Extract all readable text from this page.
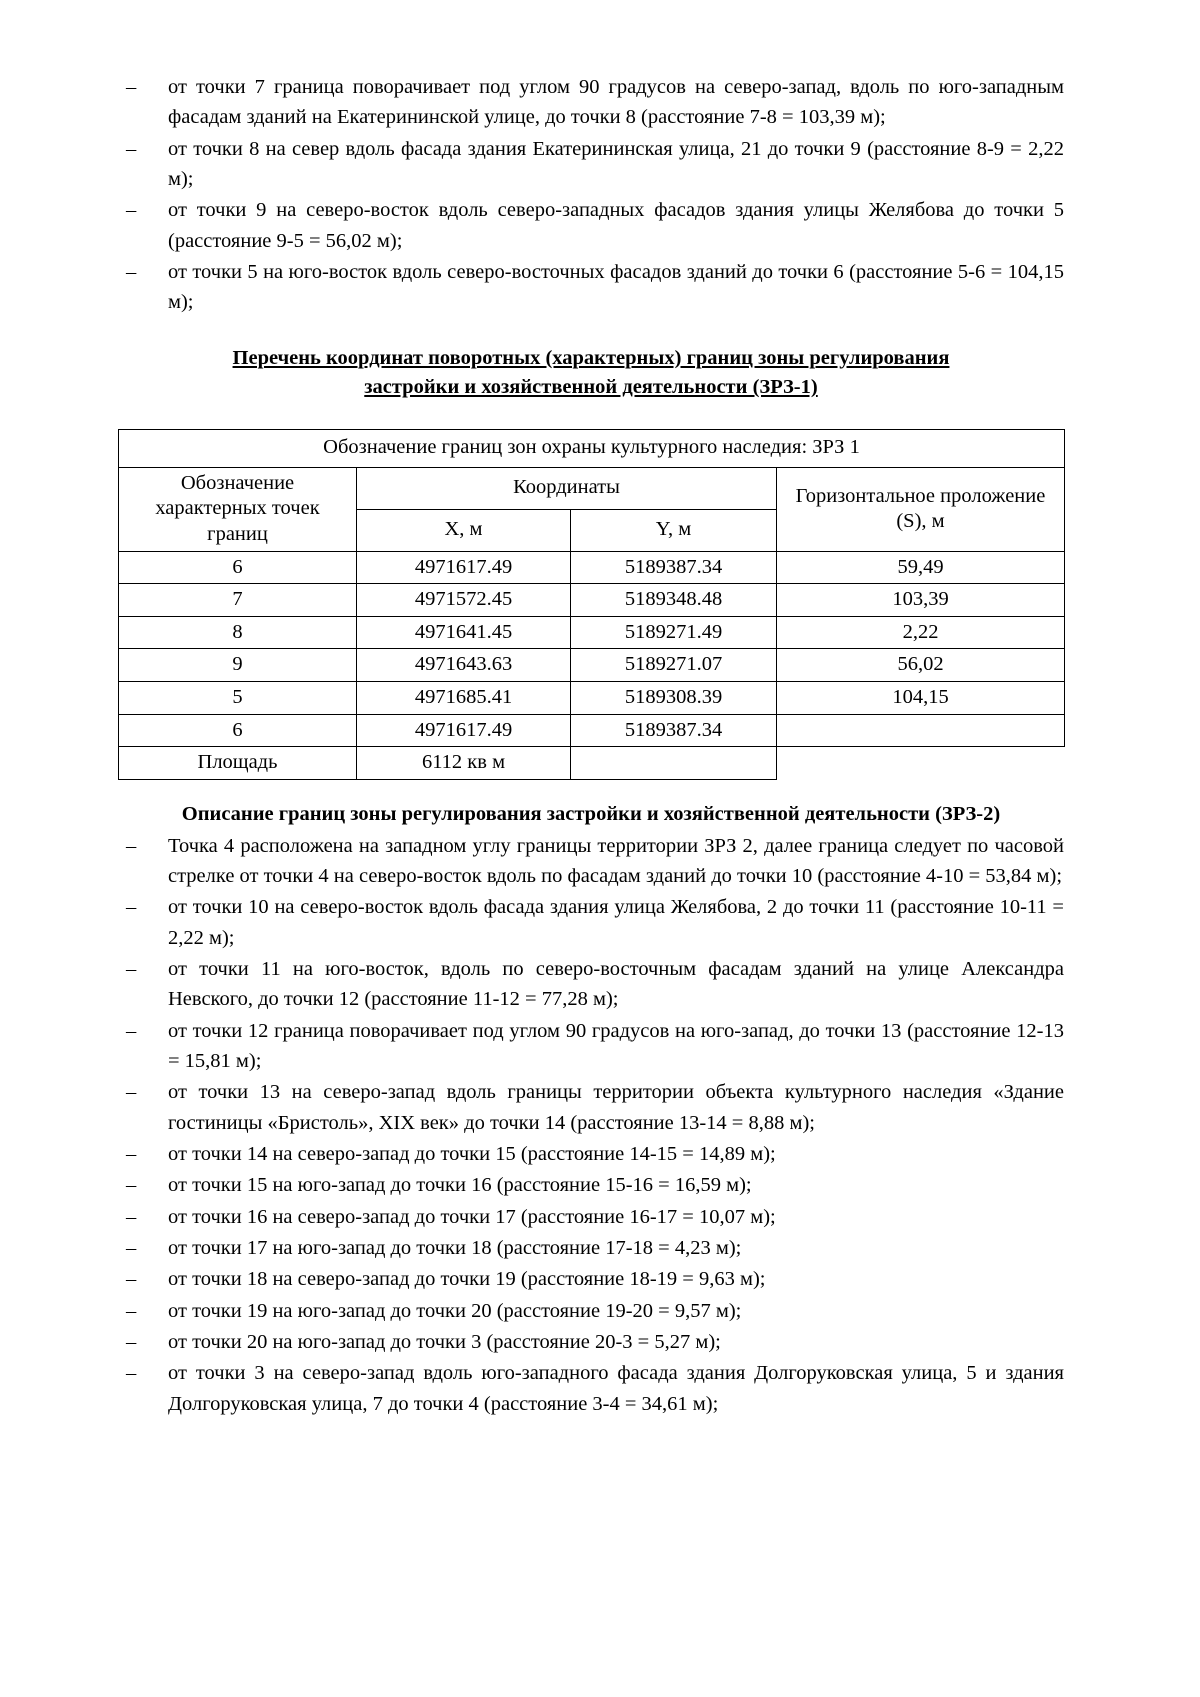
–	от точки 7 граница поворачивает под углом 90 градусов на северо-запад, вдоль по юго-западным фасадам зданий на Екатерининской улице, до точки 8 (расстояние 7-8 = 103,39 м);
–	от точки 8 на север вдоль фасада здания Екатерининская улица, 21 до точки 9 (расстояние 8-9 = 2,22 м);
–	от точки 9 на северо-восток вдоль северо-западных фасадов здания улицы Желябова до точки 5 (расстояние 9-5 = 56,02 м);
–	от точки 5 на юго-восток вдоль северо-восточных фасадов зданий до точки 6 (расстояние 5-6 = 104,15 м);
Перечень координат поворотных (характерных) границ зоны регулирования
застройки и хозяйственной деятельности (ЗРЗ-1)
Обозначение границ зон охраны культурного наследия: ЗРЗ 1			
Обозначение характерных точек границ	Координаты		Горизонтальное проложение
(S), м
	X, м	Y, м	
6	4971617.49	5189387.34	59,49
7	4971572.45	5189348.48	103,39
8	4971641.45	5189271.49	2,22
9	4971643.63	5189271.07	56,02
5	4971685.41	5189308.39	104,15
6	4971617.49	5189387.34	
Площадь	6112 кв м		
Описание границ зоны регулирования застройки и хозяйственной деятельности (ЗРЗ-2)
–	Точка 4 расположена на западном углу границы территории ЗРЗ 2, далее граница следует по часовой стрелке от точки 4 на северо-восток вдоль по фасадам зданий до точки 10 (расстояние 4-10 = 53,84 м);
–	от точки 10 на северо-восток вдоль фасада здания улица Желябова, 2 до точки 11 (расстояние 10-11 = 2,22 м);
–	от точки 11 на юго-восток, вдоль по северо-восточным фасадам зданий на улице Александра Невского, до точки 12 (расстояние 11-12 = 77,28 м);
–	от точки 12 граница поворачивает под углом 90 градусов на юго-запад, до точки 13 (расстояние 12-13 = 15,81 м);
–	от точки 13 на северо-запад вдоль границы территории объекта культурного наследия «Здание гостиницы «Бристоль», XIX век» до точки 14 (расстояние 13-14 = 8,88 м);
–	от точки 14 на северо-запад до точки 15 (расстояние 14-15 = 14,89 м);
–	от точки 15 на юго-запад до точки 16 (расстояние 15-16 = 16,59 м);
–	от точки 16 на северо-запад до точки 17 (расстояние 16-17 = 10,07 м);
–	от точки 17 на юго-запад до точки 18 (расстояние 17-18 = 4,23 м);
–	от точки 18 на северо-запад до точки 19 (расстояние 18-19 = 9,63 м);
–	от точки 19 на юго-запад до точки 20 (расстояние 19-20 = 9,57 м);
–	от точки 20 на юго-запад до точки 3 (расстояние 20-3 = 5,27 м);
–	от точки 3 на северо-запад вдоль юго-западного фасада здания Долгоруковская улица, 5 и здания Долгоруковская улица, 7 до точки 4 (расстояние 3-4 = 34,61 м);
